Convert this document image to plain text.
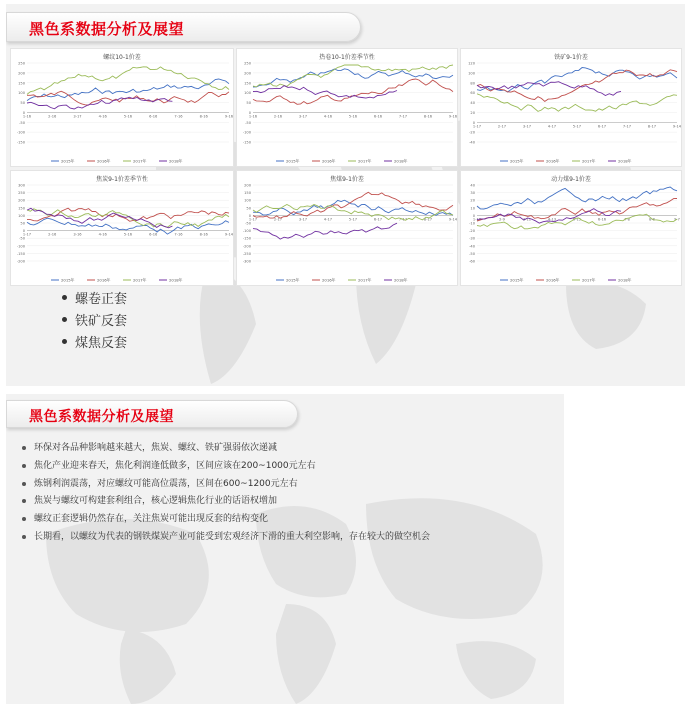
黑色系数据分析及展望
250
200
150
100
50
0
-50
-100
-150
1-16	2-16	3-17	4-16	5-16	6-16	7-16	8-16	9-16
2015年	2016年	2017年	2018年
螺纹10-1价差
250
200
150
100
50
0
-50
-100
-150
1-16	2-16	3-17	4-16	5-16	6-16	7-17	8-16	9-16
2015年	2016年	2017年	2018年
热卷10-1价差季节性
120
100
80
60
40
20
0
-20
-40
1-17	2-17	3-17	4-17	5-17	6-17	7-17	8-17	9-14
2015年	2016年	2017年	2018年
铁矿9-1价差
300
250
200
150
100
50
0
-50
-100
-150
-200
1-17	2-16	3-16	4-16	5-16	6-16	7-16	8-16	9-14
2015年	2016年	2017年	2018年
焦炭9-1价差季节性
200
150
100
50
0
-50
-100
-150
-200
-250
-300
1-17	2-17	3-17	4-17	5-17	6-17	7-17	8-17	9-14
2015年	2016年	2017年	2018年
焦煤9-1价差
40
30
20
10
0
-10
-20
-30
-40
-50
-60
1-16	2-9	3-11	4-13	5-15	6-16	7-8	8-8	9-7
2015年	2016年	2017年	2018年
动力煤9-1价差
螺卷正套
铁矿反套
煤焦反套
黑色系数据分析及展望
环保对各品种影响越来越大，焦炭、螺纹、铁矿强弱依次递减
焦化产业迎来春天，焦化利润逢低做多，区间应该在200~1000元左右
炼钢利润震荡，对应螺纹可能高位震荡，区间在600~1200元左右
焦炭与螺纹可构建套利组合，核心逻辑焦化行业的话语权增加
螺纹正套逻辑仍然存在，关注焦炭可能出现反套的结构变化
长期看，以螺纹为代表的钢铁煤炭产业可能受到宏观经济下滑的重大利空影响，存在较大的做空机会
